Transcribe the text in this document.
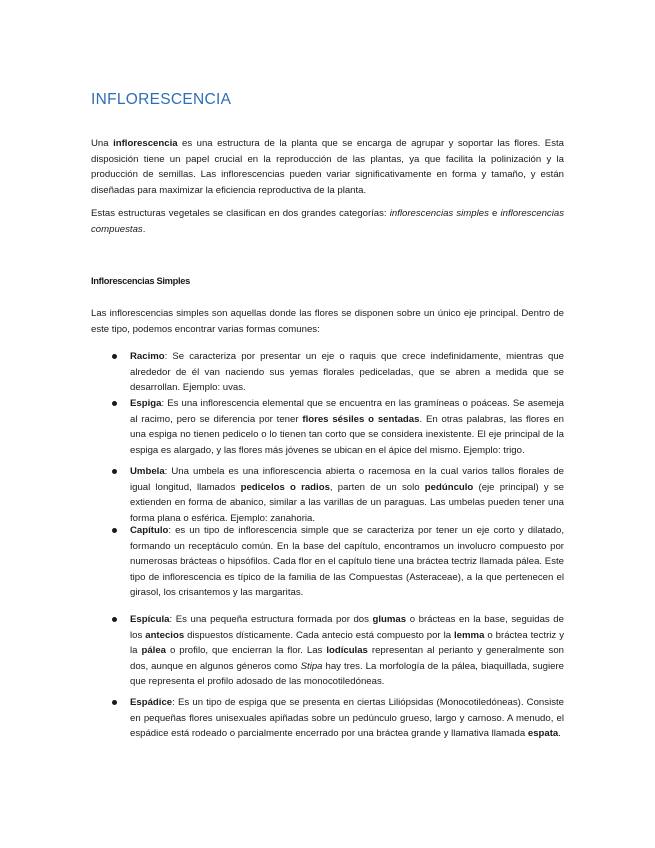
INFLORESCENCIA

Una inflorescencia es una estructura de la planta que se encarga de agrupar y soportar las flores. Esta disposición tiene un papel crucial en la reproducción de las plantas, ya que facilita la polinización y la producción de semillas. Las inflorescencias pueden variar significativamente en forma y tamaño, y están diseñadas para maximizar la eficiencia reproductiva de la planta.

Estas estructuras vegetales se clasifican en dos grandes categorías: inflorescencias simples e inflorescencias compuestas.

Inflorescencias Simples

Las inflorescencias simples son aquellas donde las flores se disponen sobre un único eje principal. Dentro de este tipo, podemos encontrar varias formas comunes:

Racimo: Se caracteriza por presentar un eje o raquis que crece indefinidamente, mientras que alrededor de él van naciendo sus yemas florales pediceladas, que se abren a medida que se desarrollan. Ejemplo: uvas.
Espiga: Es una inflorescencia elemental que se encuentra en las gramíneas o poáceas. Se asemeja al racimo, pero se diferencia por tener flores sésiles o sentadas. En otras palabras, las flores en una espiga no tienen pedicelo o lo tienen tan corto que se considera inexistente. El eje principal de la espiga es alargado, y las flores más jóvenes se ubican en el ápice del mismo. Ejemplo: trigo.
Umbela: Una umbela es una inflorescencia abierta o racemosa en la cual varios tallos florales de igual longitud, llamados pedicelos o radios, parten de un solo pedúnculo (eje principal) y se extienden en forma de abanico, similar a las varillas de un paraguas. Las umbelas pueden tener una forma plana o esférica. Ejemplo: zanahoria.
Capítulo: es un tipo de inflorescencia simple que se caracteriza por tener un eje corto y dilatado, formando un receptáculo común. En la base del capítulo, encontramos un involucro compuesto por numerosas brácteas o hipsófilos. Cada flor en el capítulo tiene una bráctea tectriz llamada pálea. Este tipo de inflorescencia es típico de la familia de las Compuestas (Asteraceae), a la que pertenecen el girasol, los crisantemos y las margaritas.
Espícula: Es una pequeña estructura formada por dos glumas o brácteas en la base, seguidas de los antecios dispuestos dísticamente. Cada antecio está compuesto por la lemma o bráctea tectriz y la pálea o profilo, que encierran la flor. Las lodículas representan al perianto y generalmente son dos, aunque en algunos géneros como Stipa hay tres. La morfología de la pálea, biaquillada, sugiere que representa el profilo adosado de las monocotiledóneas.
Espádice: Es un tipo de espiga que se presenta en ciertas Liliópsidas (Monocotiledóneas). Consiste en pequeñas flores unisexuales apiñadas sobre un pedúnculo grueso, largo y carnoso. A menudo, el espádice está rodeado o parcialmente encerrado por una bráctea grande y llamativa llamada espata.
